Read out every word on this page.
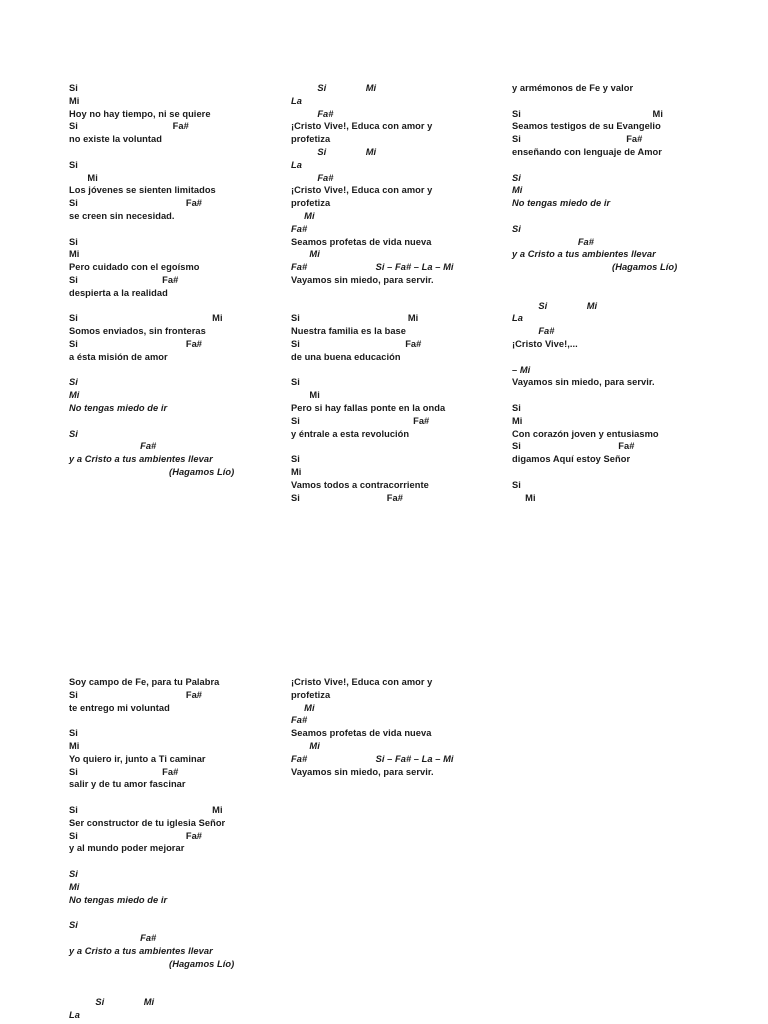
Si
Mi
Hoy no hay tiempo, ni se quiere
Si                                    Fa#
no existe la voluntad
Si
Mi
Los jóvenes se sienten limitados
Si                                         Fa#
se creen sin necesidad.
Si
Mi
Pero cuidado con el egoísmo
Si                                Fa#
despierta a la realidad
Si                                                   Mi
Somos enviados, sin fronteras
Si                                         Fa#
a ésta misión de amor
Si
Mi
No tengas miedo de ir
Si
Fa#
y a Cristo a tus ambientes llevar
(Hagamos Lío)
Si               Mi
La
Fa#
¡Cristo Vive!, Educa con amor y
profetiza
Si               Mi
La
Fa#
¡Cristo Vive!, Educa con amor y
profetiza
Mi
Fa#
Seamos profetas de vida nueva
Mi
Fa#                          Si – Fa# – La – Mi
Vayamos sin miedo, para servir.
Si                                         Mi
Nuestra familia es la base
Si                                        Fa#
de una buena educación
Si
Mi
Pero si hay fallas ponte en la onda
Si                                           Fa#
y éntrale a esta revolución
Si
Mi
Vamos todos a contracorriente
Si                                 Fa#
y armémonos de Fe y valor
Si                                                  Mi
Seamos testigos de su Evangelio
Si                                        Fa#
enseñando con lenguaje de Amor
Si
Mi
No tengas miedo de ir
Si
Fa#
y a Cristo a tus ambientes llevar
(Hagamos Lío)
Si               Mi
La
Fa#
¡Cristo Vive!,...
– Mi
Vayamos sin miedo, para servir.
Si
Mi
Con corazón joven y entusiasmo
Si                                     Fa#
digamos Aquí estoy Señor
Si
Mi
Soy campo de Fe, para tu Palabra
Si                                         Fa#
te entrego mi voluntad
Si
Mi
Yo quiero ir, junto a Ti caminar
Si                                Fa#
salir y de tu amor fascinar
Si                                                   Mi
Ser constructor de tu iglesia Señor
Si                                         Fa#
y al mundo poder mejorar
Si
Mi
No tengas miedo de ir
Si
Fa#
y a Cristo a tus ambientes llevar
(Hagamos Lío)
Si               Mi
La
¡Cristo Vive!, Educa con amor y
profetiza
Mi
Fa#
Seamos profetas de vida nueva
Mi
Fa#                          Si – Fa# – La – Mi
Vayamos sin miedo, para servir.
